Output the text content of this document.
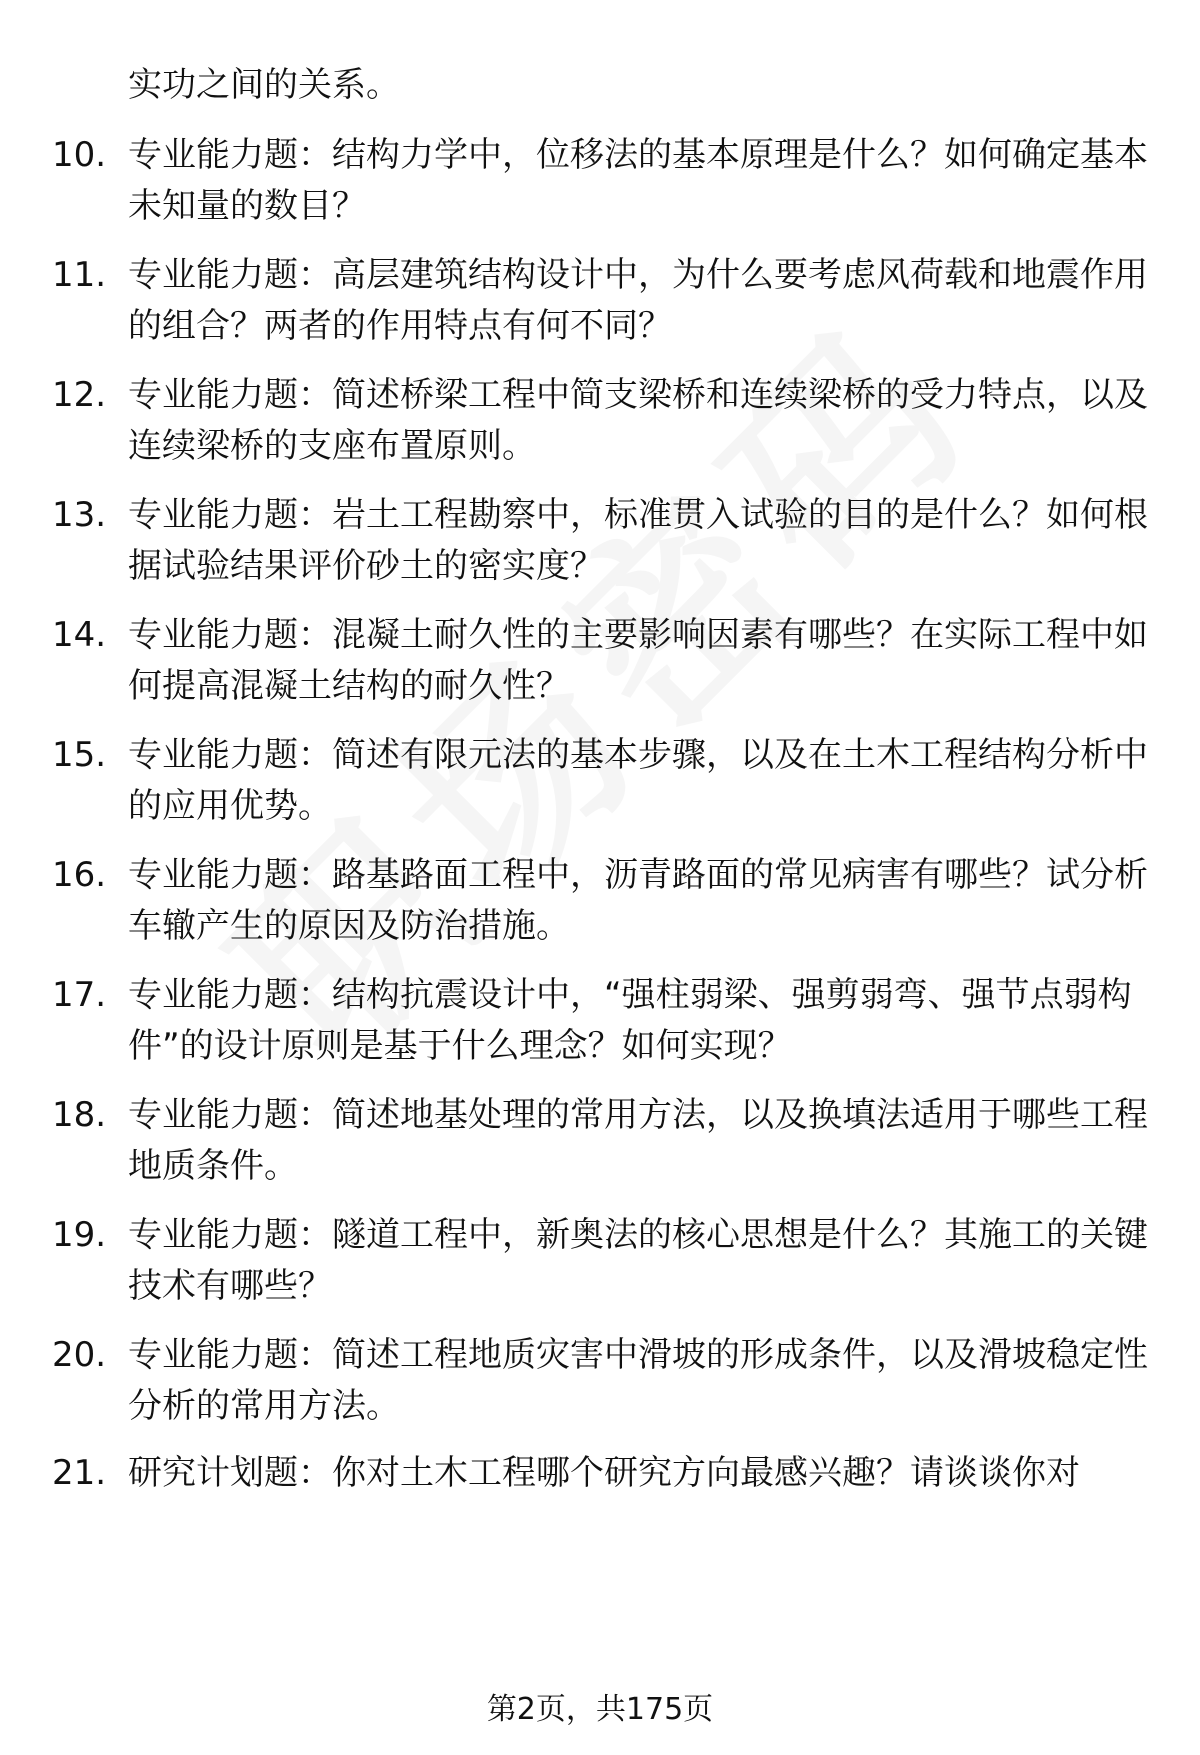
实功之间的关系。

10. 专业能力题：结构力学中，位移法的基本原理是什么？如何确定基本未知量的数目？

11. 专业能力题：高层建筑结构设计中，为什么要考虑风荷载和地震作用的组合？两者的作用特点有何不同？

12. 专业能力题：简述桥梁工程中简支梁桥和连续梁桥的受力特点，以及连续梁桥的支座布置原则。

13. 专业能力题：岩土工程勘察中，标准贯入试验的目的是什么？如何根据试验结果评价砂土的密实度？

14. 专业能力题：混凝土耐久性的主要影响因素有哪些？在实际工程中如何提高混凝土结构的耐久性？

15. 专业能力题：简述有限元法的基本步骤，以及在土木工程结构分析中的应用优势。

16. 专业能力题：路基路面工程中，沥青路面的常见病害有哪些？试分析车辙产生的原因及防治措施。

17. 专业能力题：结构抗震设计中，“强柱弱梁、强剪弱弯、强节点弱构件”的设计原则是基于什么理念？如何实现？

18. 专业能力题：简述地基处理的常用方法，以及换填法适用于哪些工程地质条件。

19. 专业能力题：隧道工程中，新奥法的核心思想是什么？其施工的关键技术有哪些？

20. 专业能力题：简述工程地质灾害中滑坡的形成条件，以及滑坡稳定性分析的常用方法。

21. 研究计划题：你对土木工程哪个研究方向最感兴趣？请谈谈你对

第2页，共175页
